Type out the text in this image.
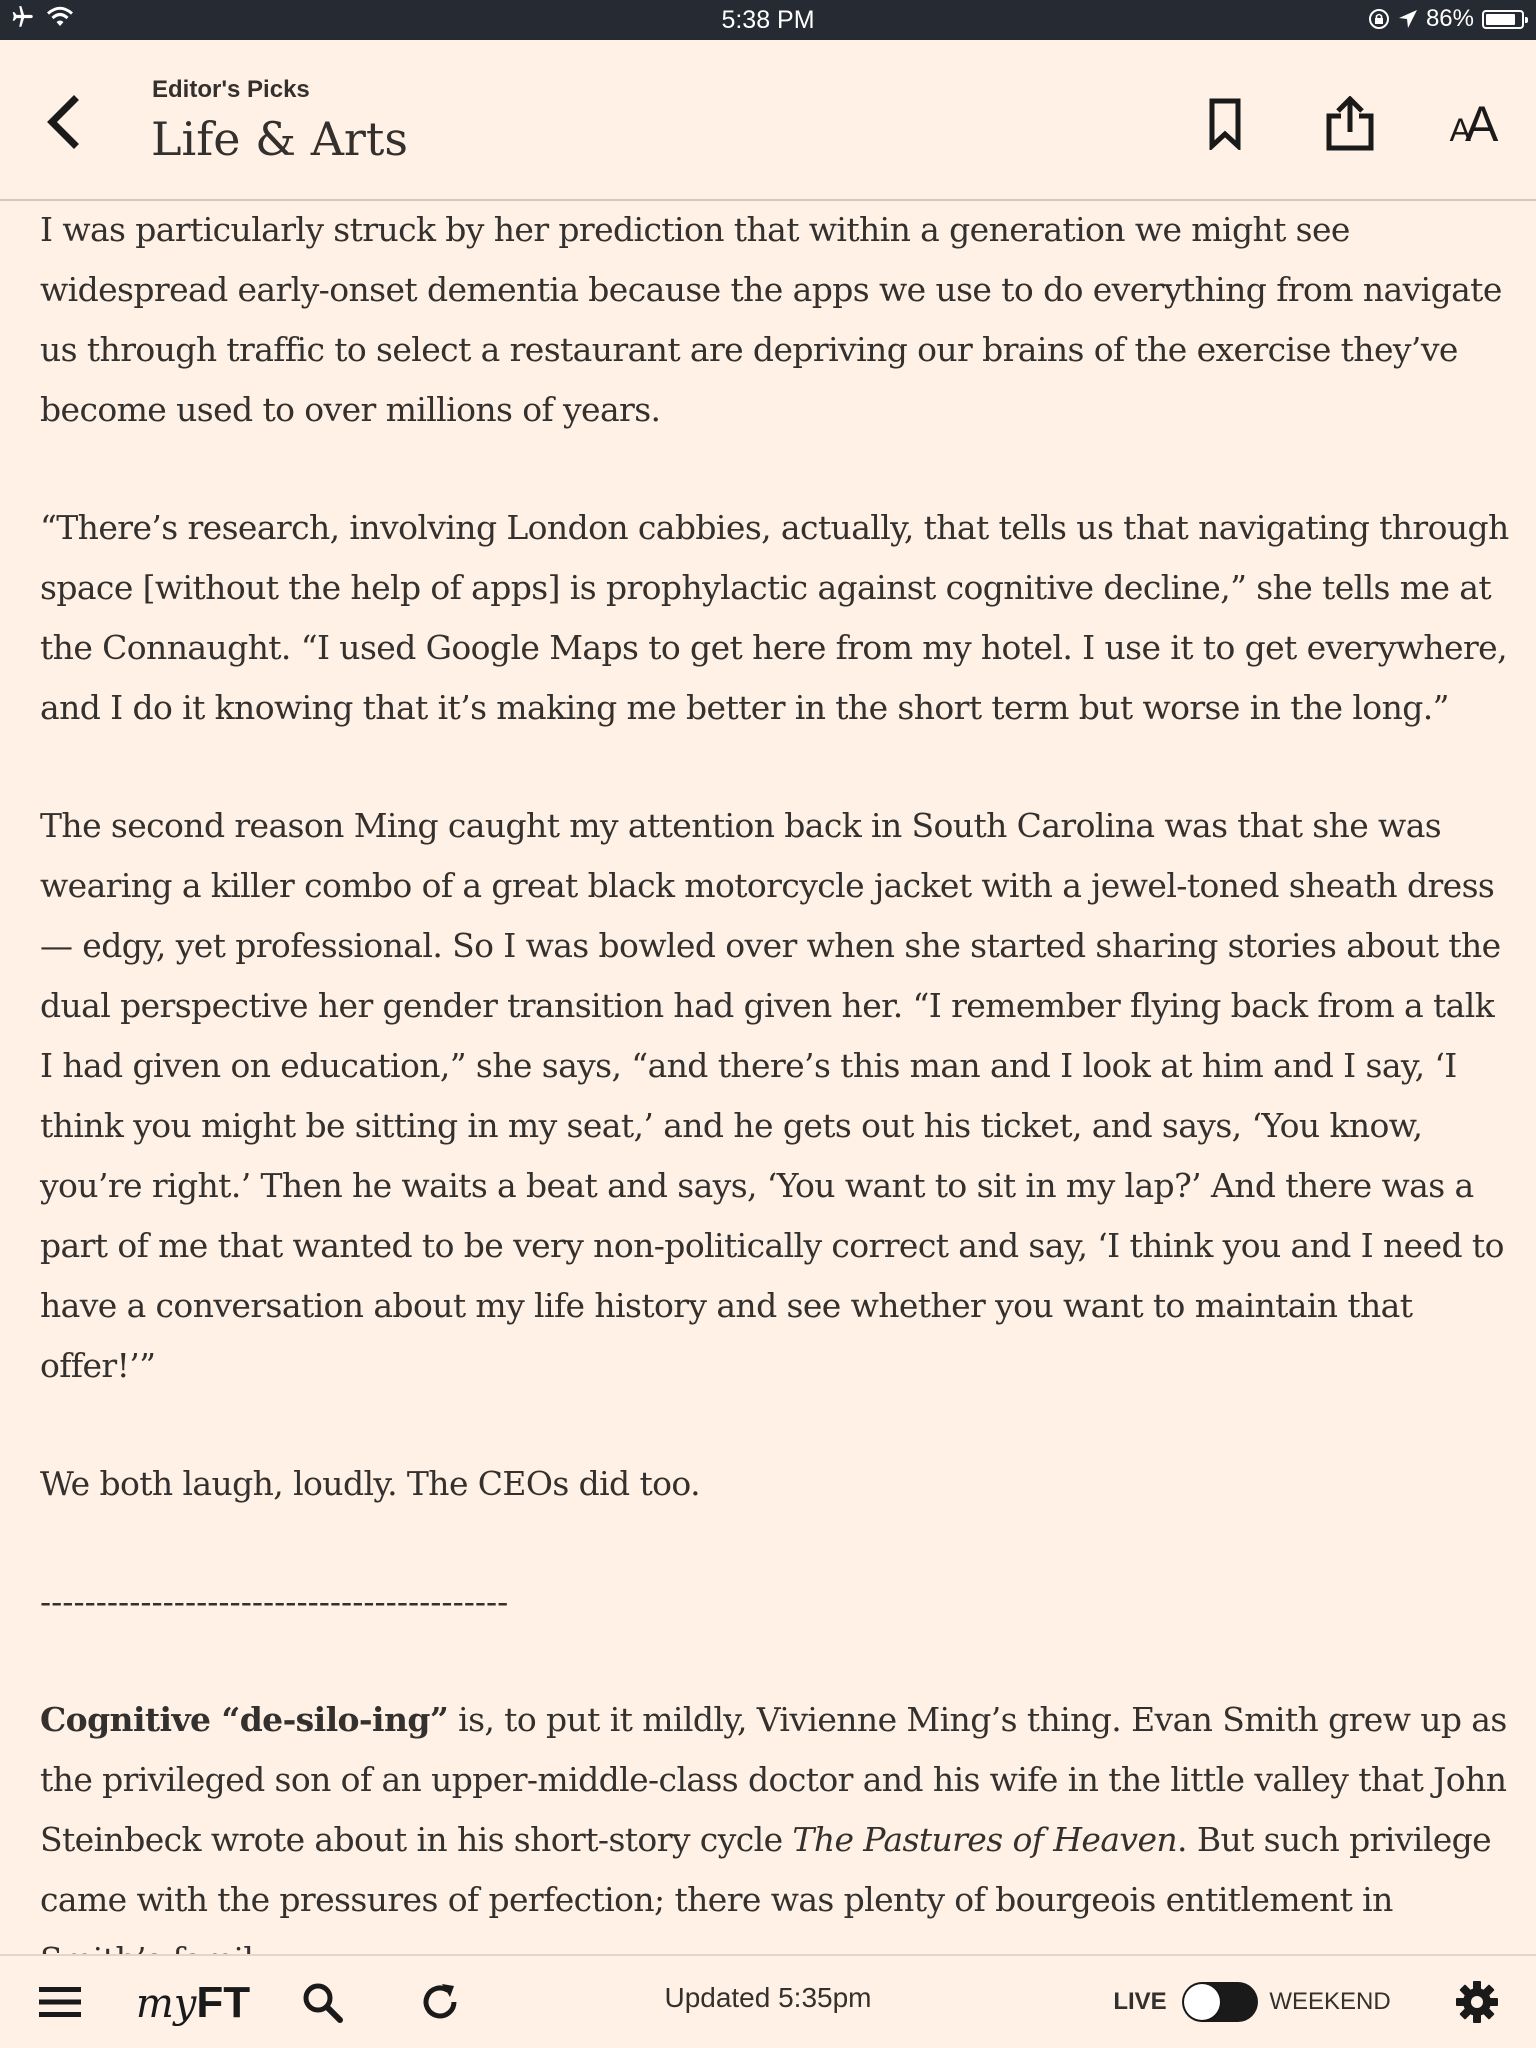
5:38 PM	86%
Editor's Picks
Life & Arts	AA

I was particularly struck by her prediction that within a generation we might see widespread early-onset dementia because the apps we use to do everything from navigate us through traffic to select a restaurant are depriving our brains of the exercise they’ve become used to over millions of years.

“There’s research, involving London cabbies, actually, that tells us that navigating through space [without the help of apps] is prophylactic against cognitive decline,” she tells me at the Connaught. “I used Google Maps to get here from my hotel. I use it to get everywhere, and I do it knowing that it’s making me better in the short term but worse in the long.”

The second reason Ming caught my attention back in South Carolina was that she was wearing a killer combo of a great black motorcycle jacket with a jewel-toned sheath dress — edgy, yet professional. So I was bowled over when she started sharing stories about the dual perspective her gender transition had given her. “I remember flying back from a talk I had given on education,” she says, “and there’s this man and I look at him and I say, ‘I think you might be sitting in my seat,’ and he gets out his ticket, and says, ‘You know, you’re right.’ Then he waits a beat and says, ‘You want to sit in my lap?’ And there was a part of me that wanted to be very non-politically correct and say, ‘I think you and I need to have a conversation about my life history and see whether you want to maintain that offer!’”

We both laugh, loudly. The CEOs did too.

------------------------------------------

Cognitive “de-silo-ing” is, to put it mildly, Vivienne Ming’s thing. Evan Smith grew up as the privileged son of an upper-middle-class doctor and his wife in the little valley that John Steinbeck wrote about in his short-story cycle The Pastures of Heaven. But such privilege came with the pressures of perfection; there was plenty of bourgeois entitlement in

Updated 5:35pm
myFT	LIVE	WEEKEND
